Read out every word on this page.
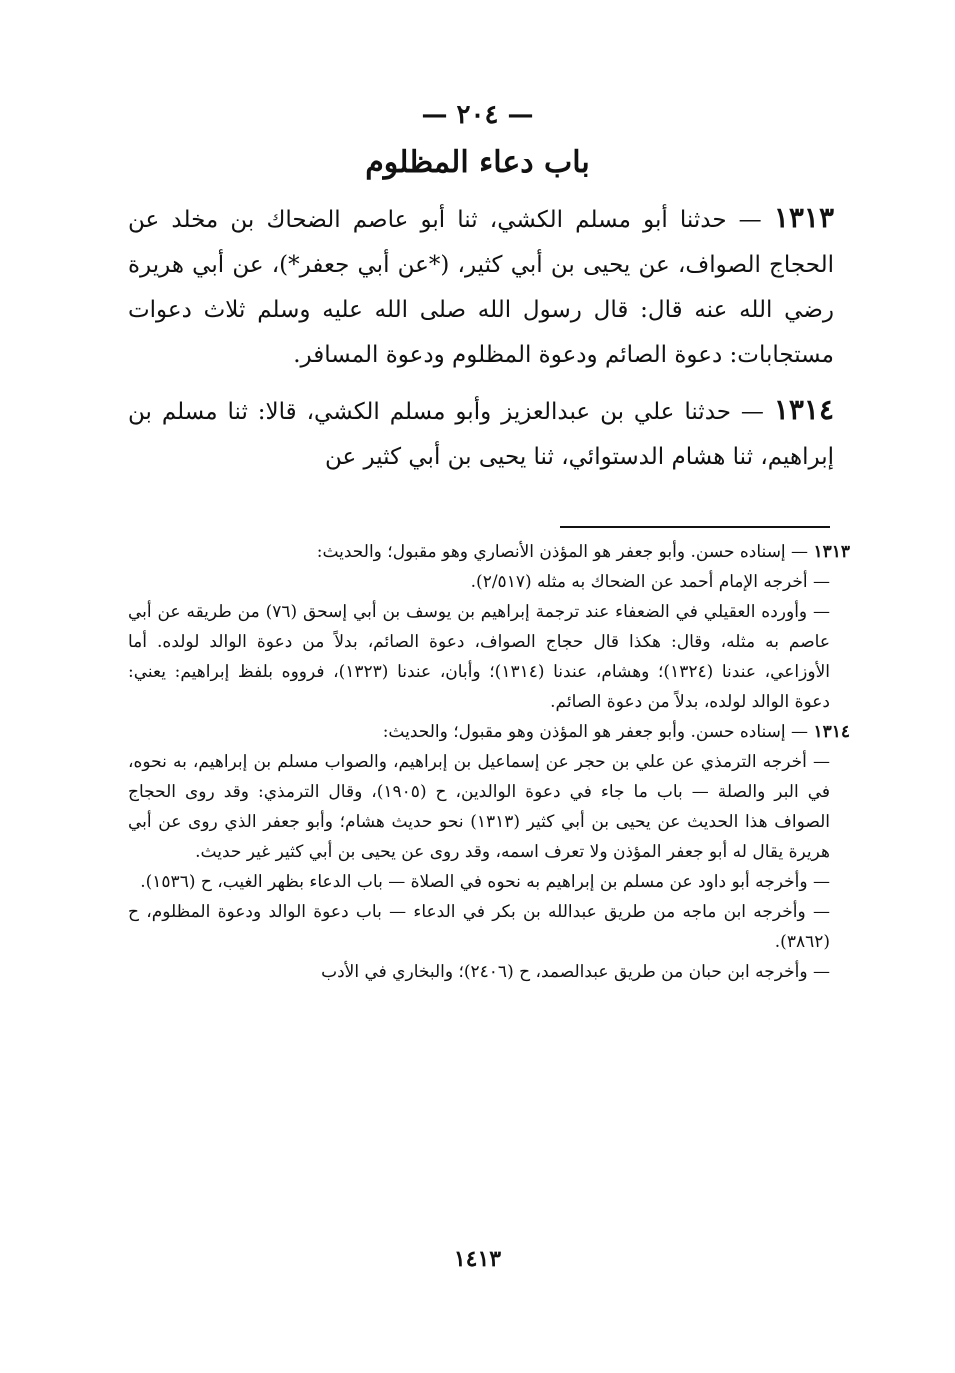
— ٢٠٤ —
باب دعاء المظلوم

١٣١٣ — حدثنا أبو مسلم الكشي، ثنا أبو عاصم الضحاك بن مخلد عن الحجاج الصواف، عن يحيى بن أبي كثير، (*عن أبي جعفر*)، عن أبي هريرة رضي الله عنه قال: قال رسول الله صلى الله عليه وسلم ثلاث دعوات مستجابات: دعوة الصائم ودعوة المظلوم ودعوة المسافر.

١٣١٤ — حدثنا علي بن عبدالعزيز وأبو مسلم الكشي، قالا: ثنا مسلم بن إبراهيم، ثنا هشام الدستوائي، ثنا يحيى بن أبي كثير عن

١٣١٣ — إسناده حسن. وأبو جعفر هو المؤذن الأنصاري وهو مقبول؛ والحديث:

— أخرجه الإمام أحمد عن الضحاك به مثله (٢/٥١٧).

— وأورده العقيلي في الضعفاء عند ترجمة إبراهيم بن يوسف بن أبي إسحق (٧٦) من طريقه عن أبي عاصم به مثله، وقال: هكذا قال حجاج الصواف، دعوة الصائم، بدلاً من دعوة الوالد لولده. أما الأوزاعي، عندنا (١٣٢٤)؛ وهشام، عندنا (١٣١٤)؛ وأبان، عندنا (١٣٢٣)، فرووه بلفظ إبراهيم: يعني: دعوة الوالد لولده، بدلاً من دعوة الصائم.

١٣١٤ — إسناده حسن. وأبو جعفر هو المؤذن وهو مقبول؛ والحديث:

— أخرجه الترمذي عن علي بن حجر عن إسماعيل بن إبراهيم، والصواب مسلم بن إبراهيم، به نحوه، في البر والصلة — باب ما جاء في دعوة الوالدين، ح (١٩٠٥)، وقال الترمذي: وقد روى الحجاج الصواف هذا الحديث عن يحيى بن أبي كثير (١٣١٣) نحو حديث هشام؛ وأبو جعفر الذي روى عن أبي هريرة يقال له أبو جعفر المؤذن ولا تعرف اسمه، وقد روى عن يحيى بن أبي كثير غير حديث.

— وأخرجه أبو داود عن مسلم بن إبراهيم به نحوه في الصلاة — باب الدعاء بظهر الغيب، ح (١٥٣٦).

— وأخرجه ابن ماجه من طريق عبدالله بن بكر في الدعاء — باب دعوة الوالد ودعوة المظلوم، ح (٣٨٦٢).

— وأخرجه ابن حبان من طريق عبدالصمد، ح (٢٤٠٦)؛ والبخاري في الأدب

١٤١٣
